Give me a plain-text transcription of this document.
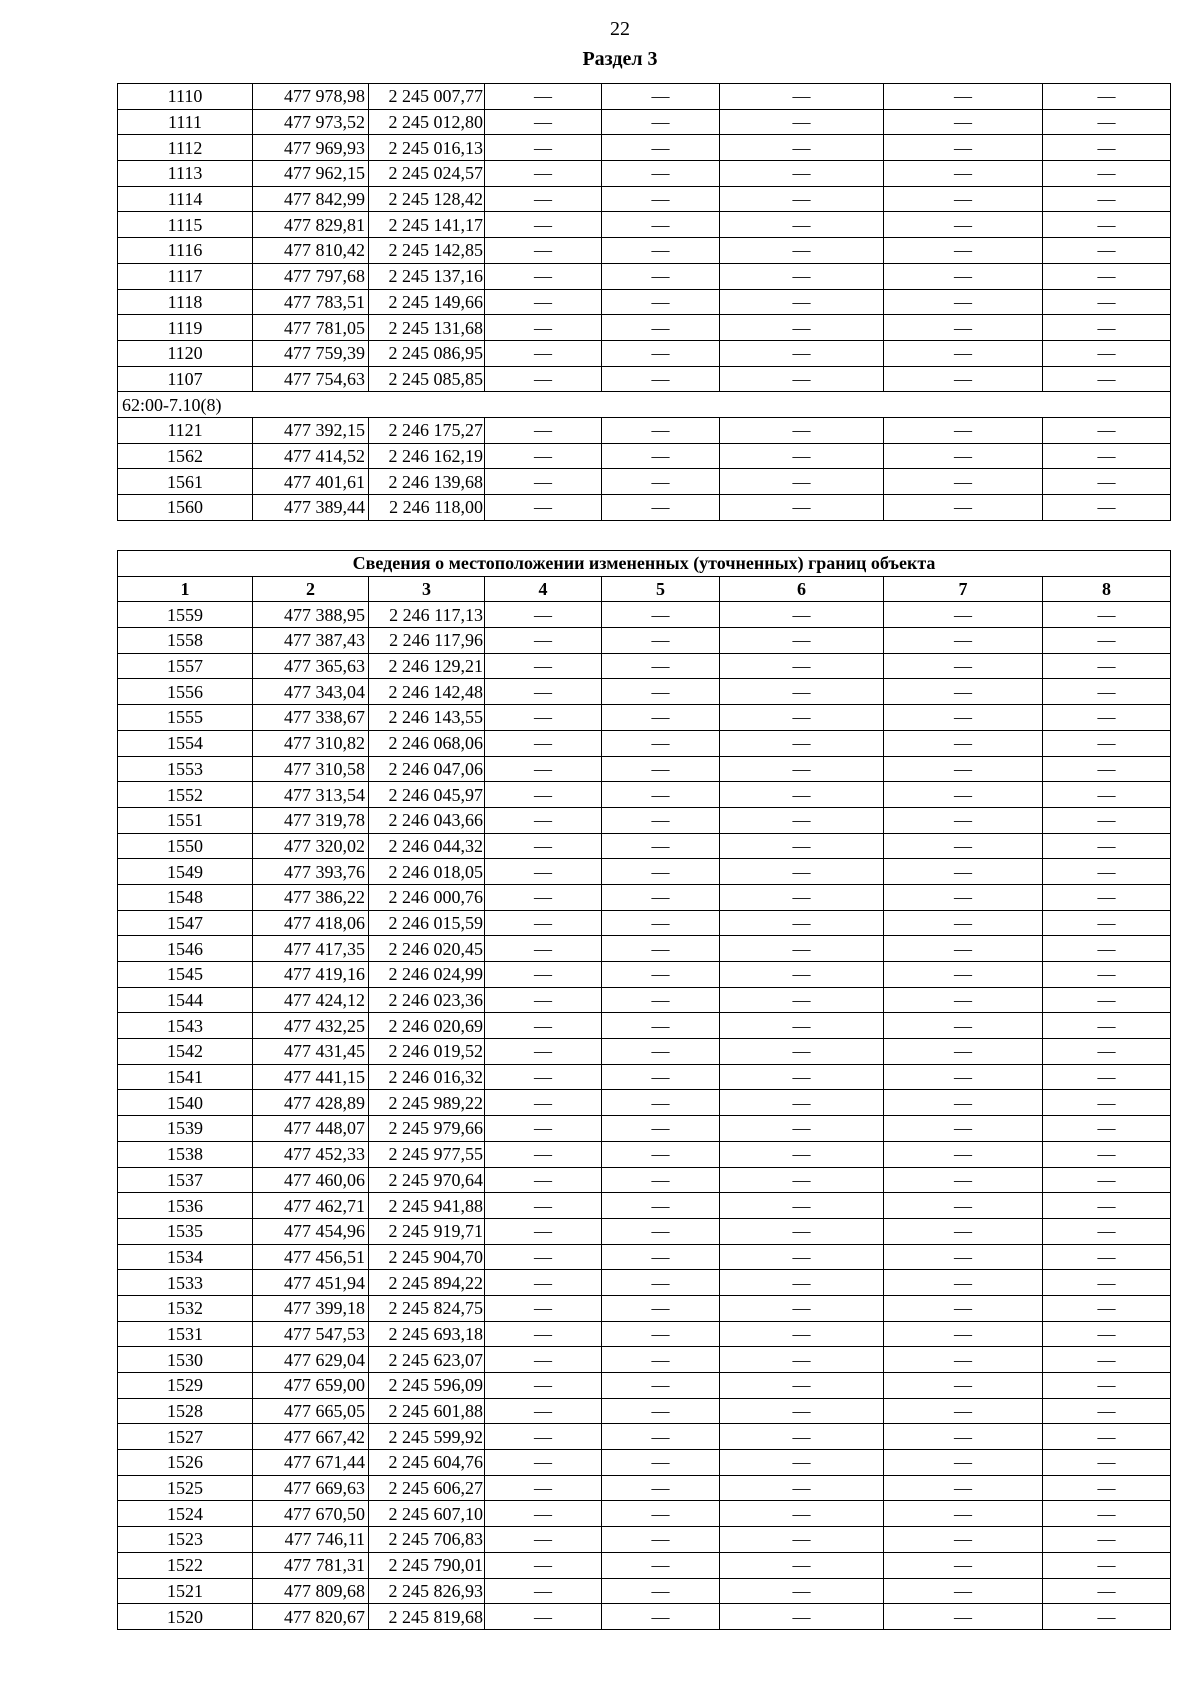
22
Раздел 3
1110	477 978,98	2 245 007,77	—	—	—	—	—
1111	477 973,52	2 245 012,80	—	—	—	—	—
1112	477 969,93	2 245 016,13	—	—	—	—	—
1113	477 962,15	2 245 024,57	—	—	—	—	—
1114	477 842,99	2 245 128,42	—	—	—	—	—
1115	477 829,81	2 245 141,17	—	—	—	—	—
1116	477 810,42	2 245 142,85	—	—	—	—	—
1117	477 797,68	2 245 137,16	—	—	—	—	—
1118	477 783,51	2 245 149,66	—	—	—	—	—
1119	477 781,05	2 245 131,68	—	—	—	—	—
1120	477 759,39	2 245 086,95	—	—	—	—	—
1107	477 754,63	2 245 085,85	—	—	—	—	—
62:00-7.10(8)							
1121	477 392,15	2 246 175,27	—	—	—	—	—
1562	477 414,52	2 246 162,19	—	—	—	—	—
1561	477 401,61	2 246 139,68	—	—	—	—	—
1560	477 389,44	2 246 118,00	—	—	—	—	—
Сведения о местоположении измененных (уточненных) границ объекта							
1	2	3	4	5	6	7	8
1559	477 388,95	2 246 117,13	—	—	—	—	—
1558	477 387,43	2 246 117,96	—	—	—	—	—
1557	477 365,63	2 246 129,21	—	—	—	—	—
1556	477 343,04	2 246 142,48	—	—	—	—	—
1555	477 338,67	2 246 143,55	—	—	—	—	—
1554	477 310,82	2 246 068,06	—	—	—	—	—
1553	477 310,58	2 246 047,06	—	—	—	—	—
1552	477 313,54	2 246 045,97	—	—	—	—	—
1551	477 319,78	2 246 043,66	—	—	—	—	—
1550	477 320,02	2 246 044,32	—	—	—	—	—
1549	477 393,76	2 246 018,05	—	—	—	—	—
1548	477 386,22	2 246 000,76	—	—	—	—	—
1547	477 418,06	2 246 015,59	—	—	—	—	—
1546	477 417,35	2 246 020,45	—	—	—	—	—
1545	477 419,16	2 246 024,99	—	—	—	—	—
1544	477 424,12	2 246 023,36	—	—	—	—	—
1543	477 432,25	2 246 020,69	—	—	—	—	—
1542	477 431,45	2 246 019,52	—	—	—	—	—
1541	477 441,15	2 246 016,32	—	—	—	—	—
1540	477 428,89	2 245 989,22	—	—	—	—	—
1539	477 448,07	2 245 979,66	—	—	—	—	—
1538	477 452,33	2 245 977,55	—	—	—	—	—
1537	477 460,06	2 245 970,64	—	—	—	—	—
1536	477 462,71	2 245 941,88	—	—	—	—	—
1535	477 454,96	2 245 919,71	—	—	—	—	—
1534	477 456,51	2 245 904,70	—	—	—	—	—
1533	477 451,94	2 245 894,22	—	—	—	—	—
1532	477 399,18	2 245 824,75	—	—	—	—	—
1531	477 547,53	2 245 693,18	—	—	—	—	—
1530	477 629,04	2 245 623,07	—	—	—	—	—
1529	477 659,00	2 245 596,09	—	—	—	—	—
1528	477 665,05	2 245 601,88	—	—	—	—	—
1527	477 667,42	2 245 599,92	—	—	—	—	—
1526	477 671,44	2 245 604,76	—	—	—	—	—
1525	477 669,63	2 245 606,27	—	—	—	—	—
1524	477 670,50	2 245 607,10	—	—	—	—	—
1523	477 746,11	2 245 706,83	—	—	—	—	—
1522	477 781,31	2 245 790,01	—	—	—	—	—
1521	477 809,68	2 245 826,93	—	—	—	—	—
1520	477 820,67	2 245 819,68	—	—	—	—	—
